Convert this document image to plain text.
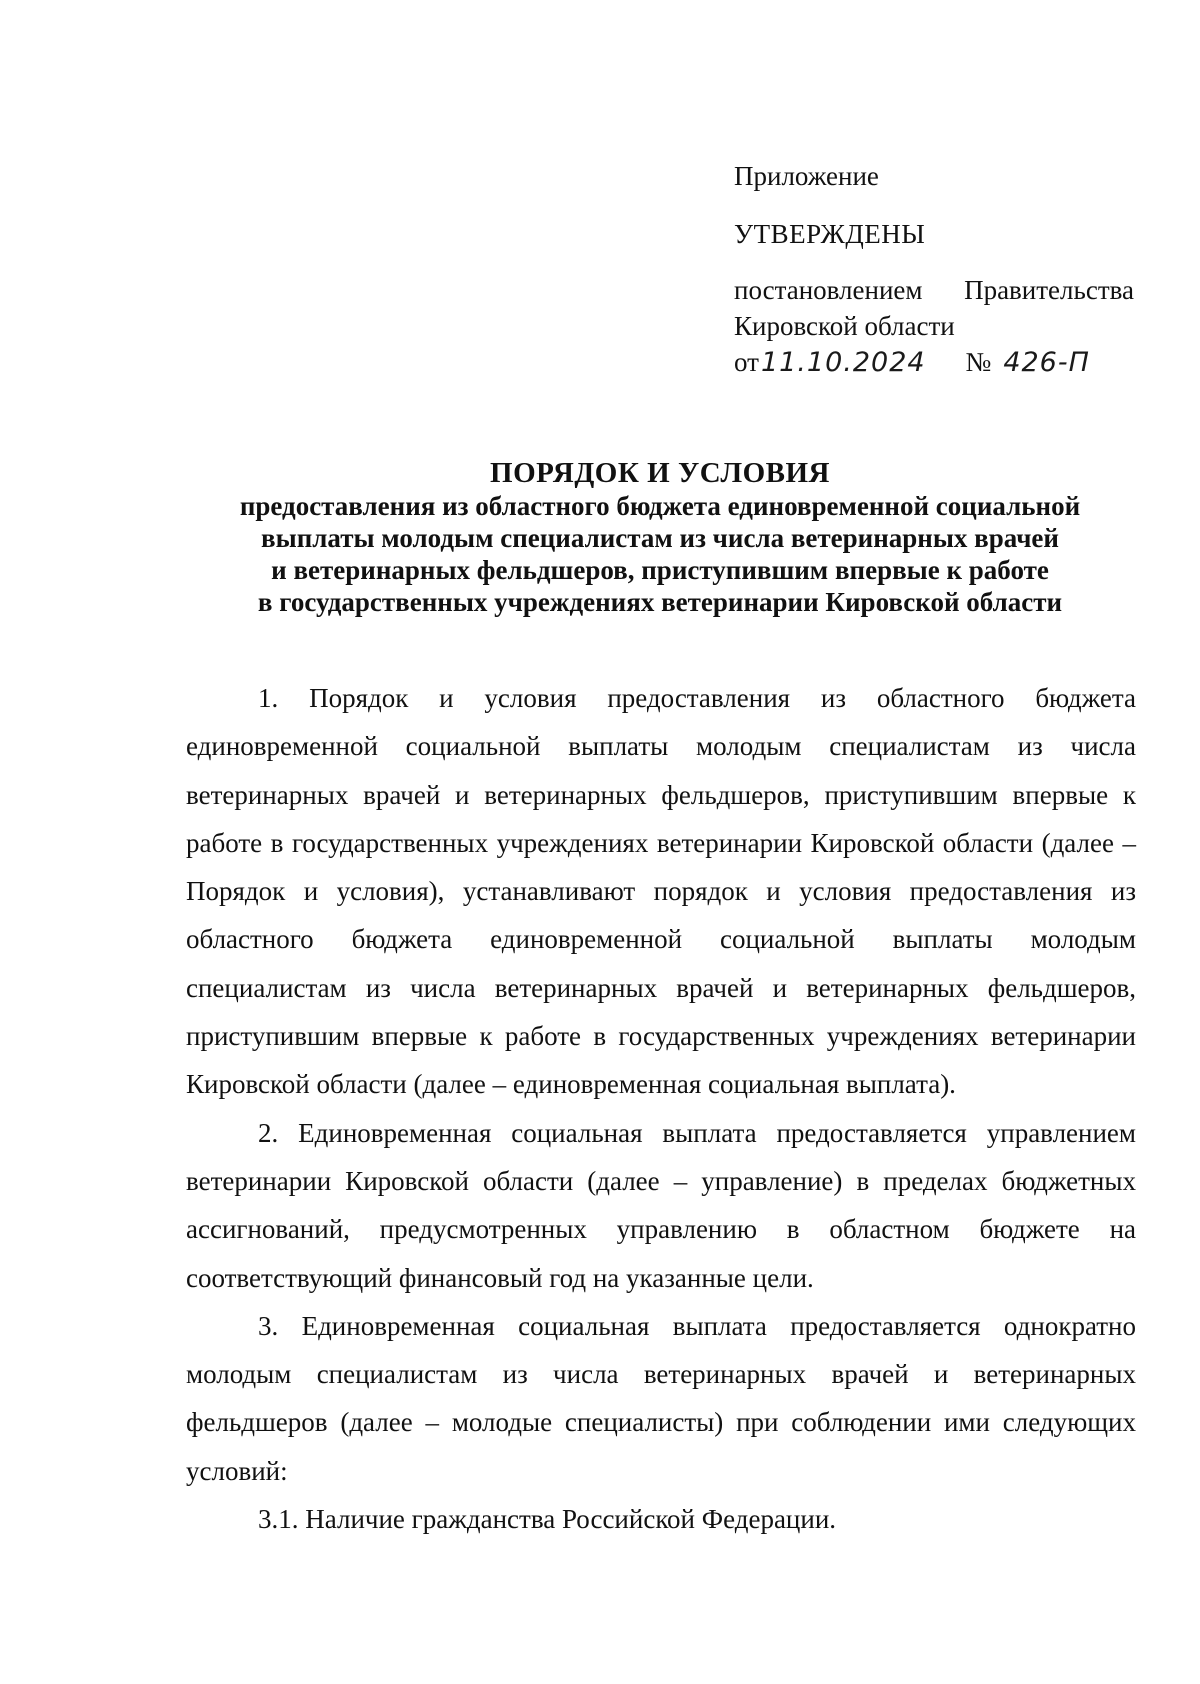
Приложение
УТВЕРЖДЕНЫ
постановлением Правительства
Кировской области
от 11.10.2024 № 426-П
ПОРЯДОК И УСЛОВИЯ
предоставления из областного бюджета единовременной социальной
выплаты молодым специалистам из числа ветеринарных врачей
и ветеринарных фельдшеров, приступившим впервые к работе
в государственных учреждениях ветеринарии Кировской области

1. Порядок и условия предоставления из областного бюджета единовременной социальной выплаты молодым специалистам из числа ветеринарных врачей и ветеринарных фельдшеров, приступившим впервые к работе в государственных учреждениях ветеринарии Кировской области (далее – Порядок и условия), устанавливают порядок и условия предоставления из областного бюджета единовременной социальной выплаты молодым специалистам из числа ветеринарных врачей и ветеринарных фельдшеров, приступившим впервые к работе в государственных учреждениях ветеринарии Кировской области (далее – единовременная социальная выплата).

2. Единовременная социальная выплата предоставляется управлением ветеринарии Кировской области (далее – управление) в пределах бюджетных ассигнований, предусмотренных управлению в областном бюджете на соответствующий финансовый год на указанные цели.

3. Единовременная социальная выплата предоставляется однократно молодым специалистам из числа ветеринарных врачей и ветеринарных фельдшеров (далее – молодые специалисты) при соблюдении ими следующих условий:

3.1. Наличие гражданства Российской Федерации.
